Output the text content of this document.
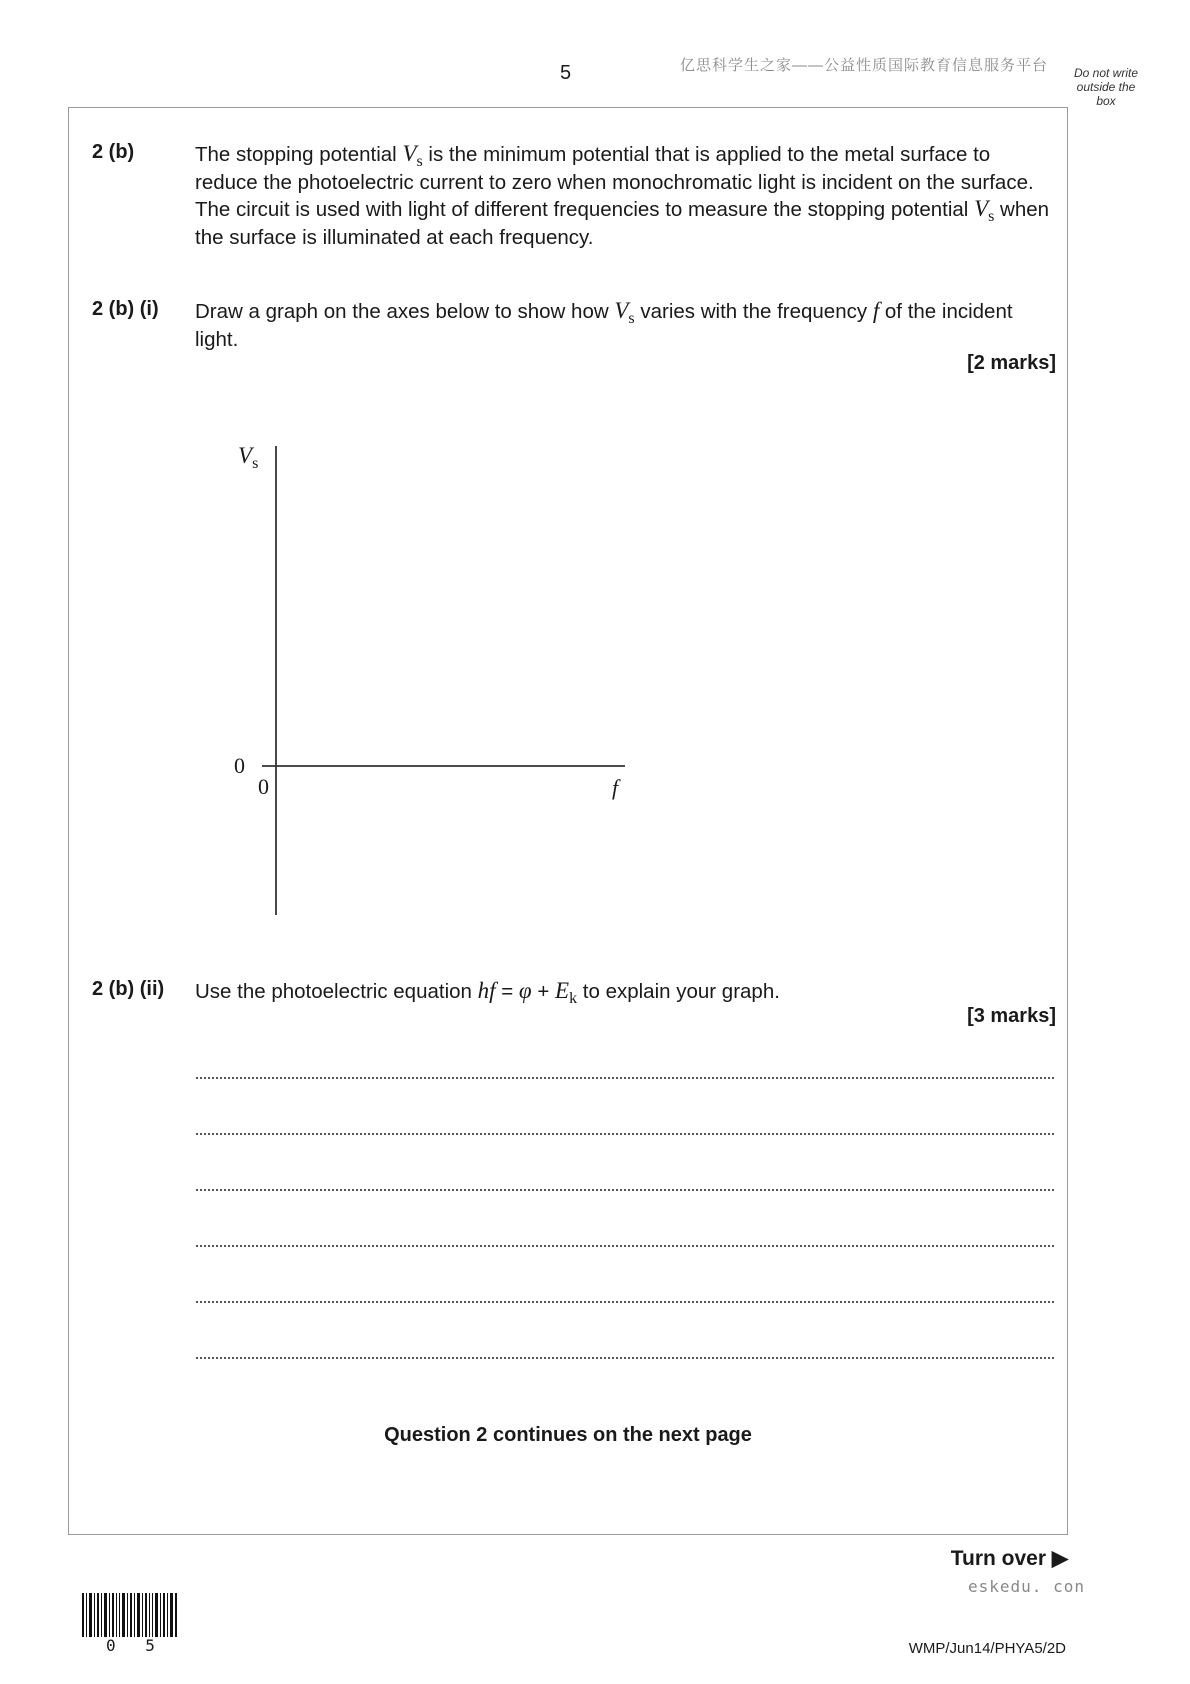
5	亿思科学生之家——公益性质国际教育信息服务平台	Do not write outside the box
2 (b)	The stopping potential $V_s$ is the minimum potential that is applied to the metal surface to reduce the photoelectric current to zero when monochromatic light is incident on the surface. The circuit is used with light of different frequencies to measure the stopping potential $V_s$ when the surface is illuminated at each frequency.
2 (b) (i) Draw a graph on the axes below to show how $V_s$ varies with the frequency f of the incident light.
[2 marks]
$V_s$
0
0	f
2 (b) (ii) Use the photoelectric equation hf = $\varphi + E_k$ to explain your graph.
[3 marks]
Question 2 continues on the next page
Turn over ▶
eskedu. con
0 5	WMP/Jun14/PHYA5/2D
